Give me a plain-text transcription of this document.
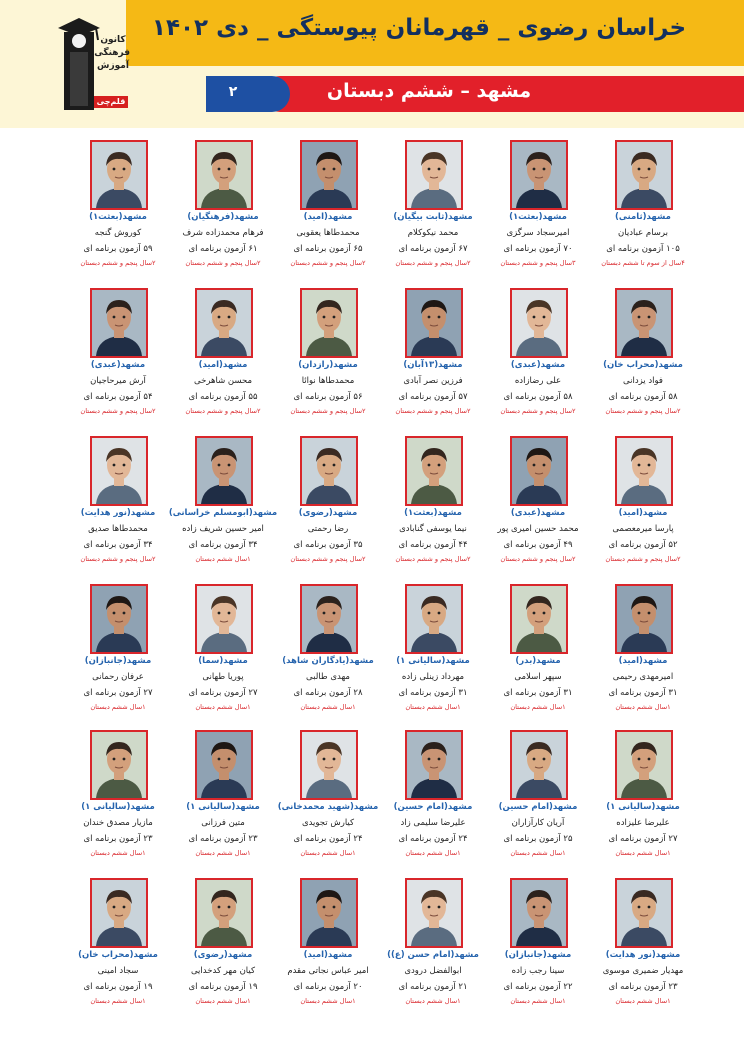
خراسان رضوی _ قهرمانان پیوستگی _ دی ۱۴۰۲
مشهد – ششم دبستان
۲
کانون
فرهنگی
آموزش
قلم‌چی
مشهد(ثامنی)
برسام عبادیان
۱۰۵ آزمون برنامه ای
۴سال از سوم تا ششم دبستان
مشهد(بعثت۱)
امیرسجاد سرگزی
۷۰ آزمون برنامه ای
۳سال پنجم و ششم دبستان
مشهد(ثابت بیگیان)
محمد نیکوکلام
۶۷ آزمون برنامه ای
۲سال پنجم و ششم دبستان
مشهد(امید)
محمدطاها یعقوبی
۶۵ آزمون برنامه ای
۲سال پنجم و ششم دبستان
مشهد(فرهنگیان)
فرهام محمدزاده شرف
۶۱ آزمون برنامه ای
۲سال پنجم و ششم دبستان
مشهد(بعثت۱)
کوروش گنجه
۵۹ آزمون برنامه ای
۲سال پنجم و ششم دبستان
مشهد(محراب خان)
فواد یزدانی
۵۸ آزمون برنامه ای
۲سال پنجم و ششم دبستان
مشهد(عبدی)
علی رضازاده
۵۸ آزمون برنامه ای
۲سال پنجم و ششم دبستان
مشهد(۱۳آبان)
فرزین نصر آبادی
۵۷ آزمون برنامه ای
۲سال پنجم و ششم دبستان
مشهد(رازدان)
محمدطاها نوائا
۵۶ آزمون برنامه ای
۲سال پنجم و ششم دبستان
مشهد(امید)
محسن شاهرخی
۵۵ آزمون برنامه ای
۲سال پنجم و ششم دبستان
مشهد(عبدی)
آرش میرحاجیان
۵۴ آزمون برنامه ای
۲سال پنجم و ششم دبستان
مشهد(امید)
پارسا میرمعصمی
۵۲ آزمون برنامه ای
۲سال پنجم و ششم دبستان
مشهد(عبدی)
محمد حسین امیری پور
۴۹ آزمون برنامه ای
۲سال پنجم و ششم دبستان
مشهد(بعثت۱)
نیما یوسفی گنابادی
۴۴ آزمون برنامه ای
۲سال پنجم و ششم دبستان
مشهد(رضوی)
رضا رحمتی
۳۵ آزمون برنامه ای
۲سال پنجم و ششم دبستان
مشهد(ابومسلم خراسانی)
امیر حسین شریف زاده
۳۴ آزمون برنامه ای
۱سال ششم دبستان
مشهد(نور هدایت)
محمدطاها صدیق
۳۴ آزمون برنامه ای
۲سال پنجم و ششم دبستان
مشهد(امید)
امیرمهدی رحیمی
۳۱ آزمون برنامه ای
۱سال ششم دبستان
مشهد(بدر)
سپهر اسلامی
۳۱ آزمون برنامه ای
۱سال ششم دبستان
مشهد(سالیانی ۱)
مهرداد زینلی زاده
۳۱ آزمون برنامه ای
۱سال ششم دبستان
مشهد(یادگاران شاهد)
مهدی طالبی
۲۸ آزمون برنامه ای
۱سال ششم دبستان
مشهد(سما)
پوریا طهانی
۲۷ آزمون برنامه ای
۱سال ششم دبستان
مشهد(جانبازان)
عرفان رحمانی
۲۷ آزمون برنامه ای
۱سال ششم دبستان
مشهد(سالیانی ۱)
علیرضا علیزاده
۲۷ آزمون برنامه ای
۱سال ششم دبستان
مشهد(امام حسین)
آریان کارآزاران
۲۵ آزمون برنامه ای
۱سال ششم دبستان
مشهد(امام حسین)
علیرضا سلیمی زاد
۲۴ آزمون برنامه ای
۱سال ششم دبستان
مشهد(شهید محمدخانی)
کیارش تجویدی
۲۴ آزمون برنامه ای
۱سال ششم دبستان
مشهد(سالیانی ۱)
متین فرزانی
۲۳ آزمون برنامه ای
۱سال ششم دبستان
مشهد(سالیانی ۱)
مازیار مصدق خندان
۲۳ آزمون برنامه ای
۱سال ششم دبستان
مشهد(نور هدایت)
مهدیار ضمیری موسوی
۲۳ آزمون برنامه ای
۱سال ششم دبستان
مشهد(جانبازان)
سینا رجب زاده
۲۲ آزمون برنامه ای
۱سال ششم دبستان
مشهد(امام حسن (ع))
ابوالفضل درودی
۲۱ آزمون برنامه ای
۱سال ششم دبستان
مشهد(امید)
امیر عباس نجاتی مقدم
۲۰ آزمون برنامه ای
۱سال ششم دبستان
مشهد(رضوی)
کیان مهر کدخدایی
۱۹ آزمون برنامه ای
۱سال ششم دبستان
مشهد(محراب خان)
سجاد امینی
۱۹ آزمون برنامه ای
۱سال ششم دبستان
